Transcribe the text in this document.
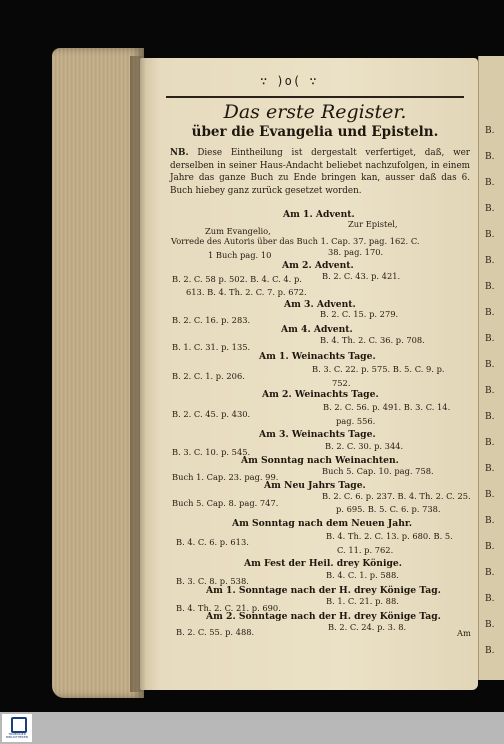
B.
B.
B.
B.
B.
B.
B.
B.
B.
B.
B.
B.
B.
B.
B.
B.
B.
B.
B.
B.
B.
∵ )o( ∵
Das erste Register.
über die Evangelia und Episteln.
NB. Diese Eintheilung ist dergestalt verfertiget, daß, wer derselben in seiner Haus-Andacht beliebet nachzufolgen, in einem Jahre das ganze Buch zu Ende bringen kan, ausser daß das 6. Buch hiebey ganz zurück gesetzet worden.
Am 1. Advent.
Zur Epistel,
Zum Evangelio,
Vorrede des Autoris über das Buch 1. Cap. 37. pag. 162. C.
1 Buch pag. 10	38. pag. 170.
Am 2. Advent.
B. 2. C. 58 p. 502. B. 4. C. 4. p. B. 2. C. 43. p. 421.
613. B. 4. Th. 2. C. 7. p. 672.
Am 3. Advent.
B. 2. C. 15. p. 279.
B. 2. C. 16. p. 283.
Am 4. Advent.
B. 4. Th. 2. C. 36. p. 708.
B. 1. C. 31. p. 135.
Am 1. Weinachts Tage.
B. 3. C. 22. p. 575. B. 5. C. 9. p.
B. 2. C. 1. p. 206.
752.
Am 2. Weinachts Tage.
B. 2. C. 56. p. 491. B. 3. C. 14.
B. 2. C. 45. p. 430.
pag. 556.
Am 3. Weinachts Tage.
B. 2. C. 30. p. 344.
B. 3. C. 10. p. 545.
Am Sonntag nach Weinachten.
Buch 5. Cap. 10. pag. 758.
Buch 1. Cap. 23. pag. 99.
Am Neu Jahrs Tage.
B. 2. C. 6. p. 237. B. 4. Th. 2. C. 25.
Buch 5. Cap. 8. pag. 747.
p. 695. B. 5. C. 6. p. 738.
Am Sonntag nach dem Neuen Jahr.
B. 4. Th. 2. C. 13. p. 680. B. 5.
B. 4. C. 6. p. 613.
C. 11. p. 762.
Am Fest der Heil. drey Könige.
B. 4. C. 1. p. 588.
B. 3. C. 8. p. 538.
Am 1. Sonntage nach der H. drey Könige Tag.
B. 1. C. 21. p. 88.
B. 4. Th. 2. C. 21. p. 690.
Am 2. Sonntage nach der H. drey Könige Tag.
B. 2. C. 55. p. 488.	B. 2. C. 24. p. 3. 8.
Am
TRÜBINGER BIBLIOTHEKEN
